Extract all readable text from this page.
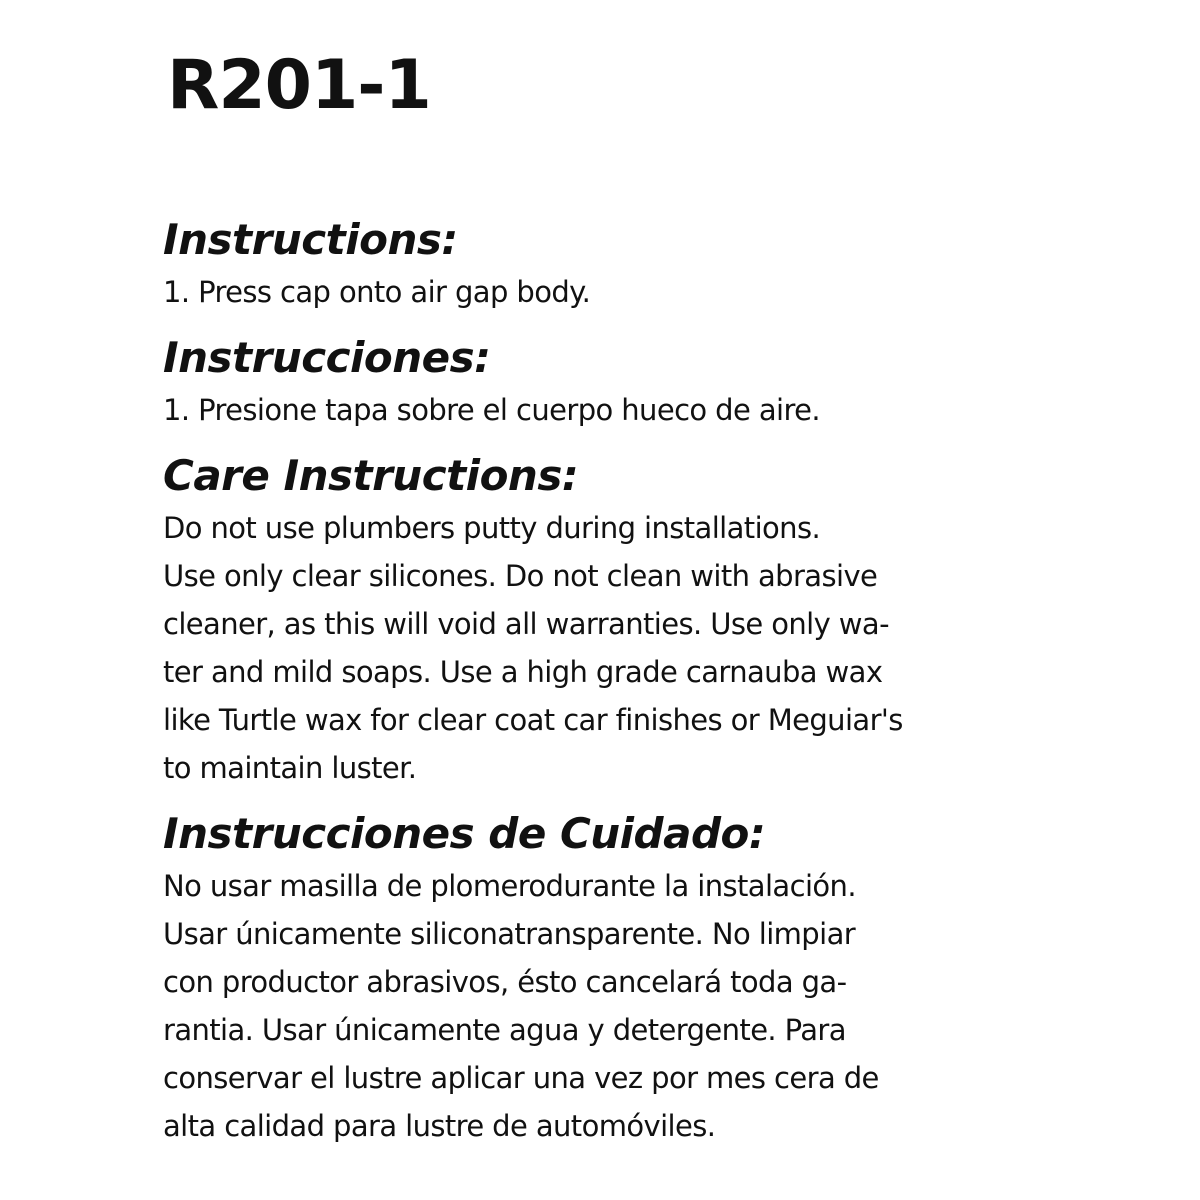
R201-1
Instructions:
1. Press cap onto air gap body.
Instrucciones:
1. Presione tapa sobre el cuerpo hueco de aire.
Care Instructions:
Do not use plumbers putty during installations.
Use only clear silicones. Do not clean with abrasive
cleaner, as this will void all warranties. Use only wa-
ter and mild soaps. Use a high grade carnauba wax
like Turtle wax for clear coat car finishes or Meguiar's
to maintain luster.
Instrucciones de Cuidado:
No usar masilla de plomerodurante la instalación.
Usar únicamente siliconatransparente. No limpiar
con productor abrasivos, ésto cancelará toda ga-
rantia. Usar únicamente agua y detergente. Para
conservar el lustre aplicar una vez por mes cera de
alta calidad para lustre de automóviles.
